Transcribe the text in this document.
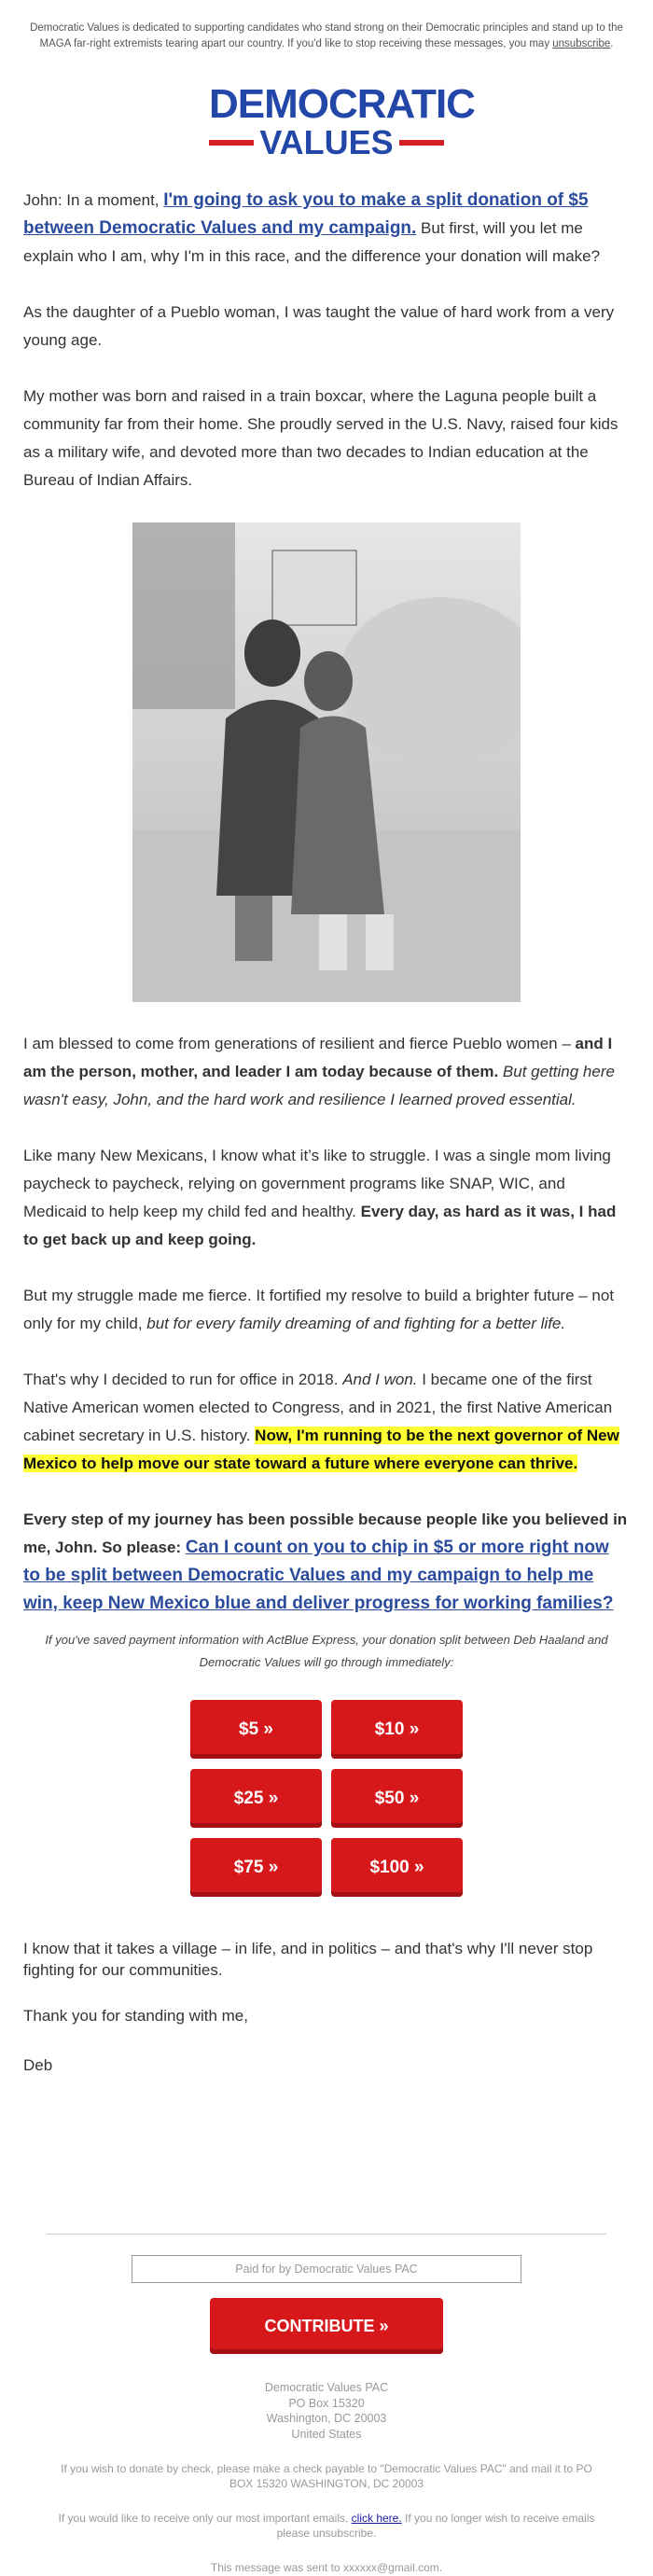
Democratic Values is dedicated to supporting candidates who stand strong on their Democratic principles and stand up to the MAGA far-right extremists tearing apart our country. If you'd like to stop receiving these messages, you may unsubscribe.
DEMOCRATIC
VALUES

John: In a moment, I'm going to ask you to make a split donation of $5 between Democratic Values and my campaign. But first, will you let me explain who I am, why I'm in this race, and the difference your donation will make?

As the daughter of a Pueblo woman, I was taught the value of hard work from a very young age.

My mother was born and raised in a train boxcar, where the Laguna people built a community far from their home. She proudly served in the U.S. Navy, raised four kids as a military wife, and devoted more than two decades to Indian education at the Bureau of Indian Affairs.

I am blessed to come from generations of resilient and fierce Pueblo women – and I am the person, mother, and leader I am today because of them. But getting here wasn't easy, John, and the hard work and resilience I learned proved essential.

Like many New Mexicans, I know what it’s like to struggle. I was a single mom living paycheck to paycheck, relying on government programs like SNAP, WIC, and Medicaid to help keep my child fed and healthy. Every day, as hard as it was, I had to get back up and keep going.

But my struggle made me fierce. It fortified my resolve to build a brighter future – not only for my child, but for every family dreaming of and fighting for a better life.

That's why I decided to run for office in 2018. And I won. I became one of the first Native American women elected to Congress, and in 2021, the first Native American cabinet secretary in U.S. history. Now, I'm running to be the next governor of New Mexico to help move our state toward a future where everyone can thrive.

Every step of my journey has been possible because people like you believed in me, John. So please: Can I count on you to chip in $5 or more right now to be split between Democratic Values and my campaign to help me win, keep New Mexico blue and deliver progress for working families?

If you've saved payment information with ActBlue Express, your donation split between Deb Haaland and Democratic Values will go through immediately:
$5 »	$10 »
$25 »	$50 »
$75 »	$100 »

I know that it takes a village – in life, and in politics – and that's why I'll never stop fighting for our communities.

Thank you for standing with me,

Deb

Paid for by Democratic Values PAC
CONTRIBUTE »
Democratic Values PAC
PO Box 15320
Washington, DC 20003
United States
If you wish to donate by check, please make a check payable to "Democratic Values PAC" and mail it to PO BOX 15320 WASHINGTON, DC 20003
If you would like to receive only our most important emails, click here. If you no longer wish to receive emails please unsubscribe.
This message was sent to xxxxxx@gmail.com.
